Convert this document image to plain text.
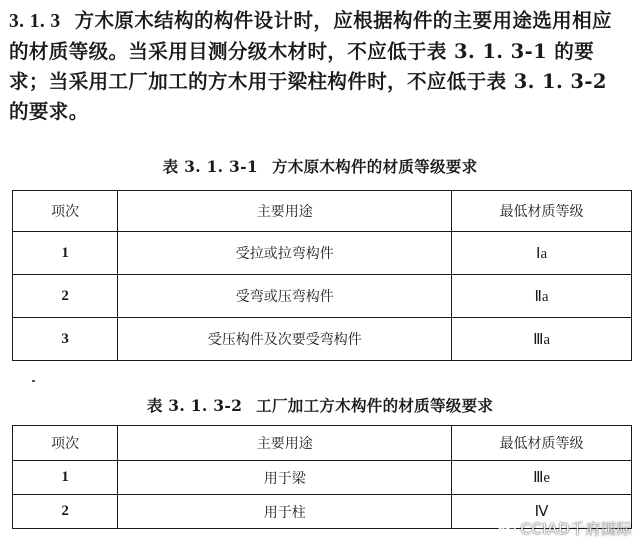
3. 1. 3 方木原木结构的构件设计时，应根据构件的主要用途选用相应的材质等级。当采用目测分级木材时，不应低于表 3. 1. 3-1 的要求；当采用工厂加工的方木用于梁柱构件时，不应低于表 3. 1. 3-2 的要求。
表 3. 1. 3-1 方木原木构件的材质等级要求
项次	主要用途	最低材质等级
1	受拉或拉弯构件	Ⅰa
2	受弯或压弯构件	Ⅱa
3	受压构件及次要受弯构件	Ⅲa
表 3. 1. 3-2 工厂加工方木构件的材质等级要求
项次	主要用途	最低材质等级
1	用于梁	Ⅲe
2	用于柱	Ⅳ
CCIAD千府国际
